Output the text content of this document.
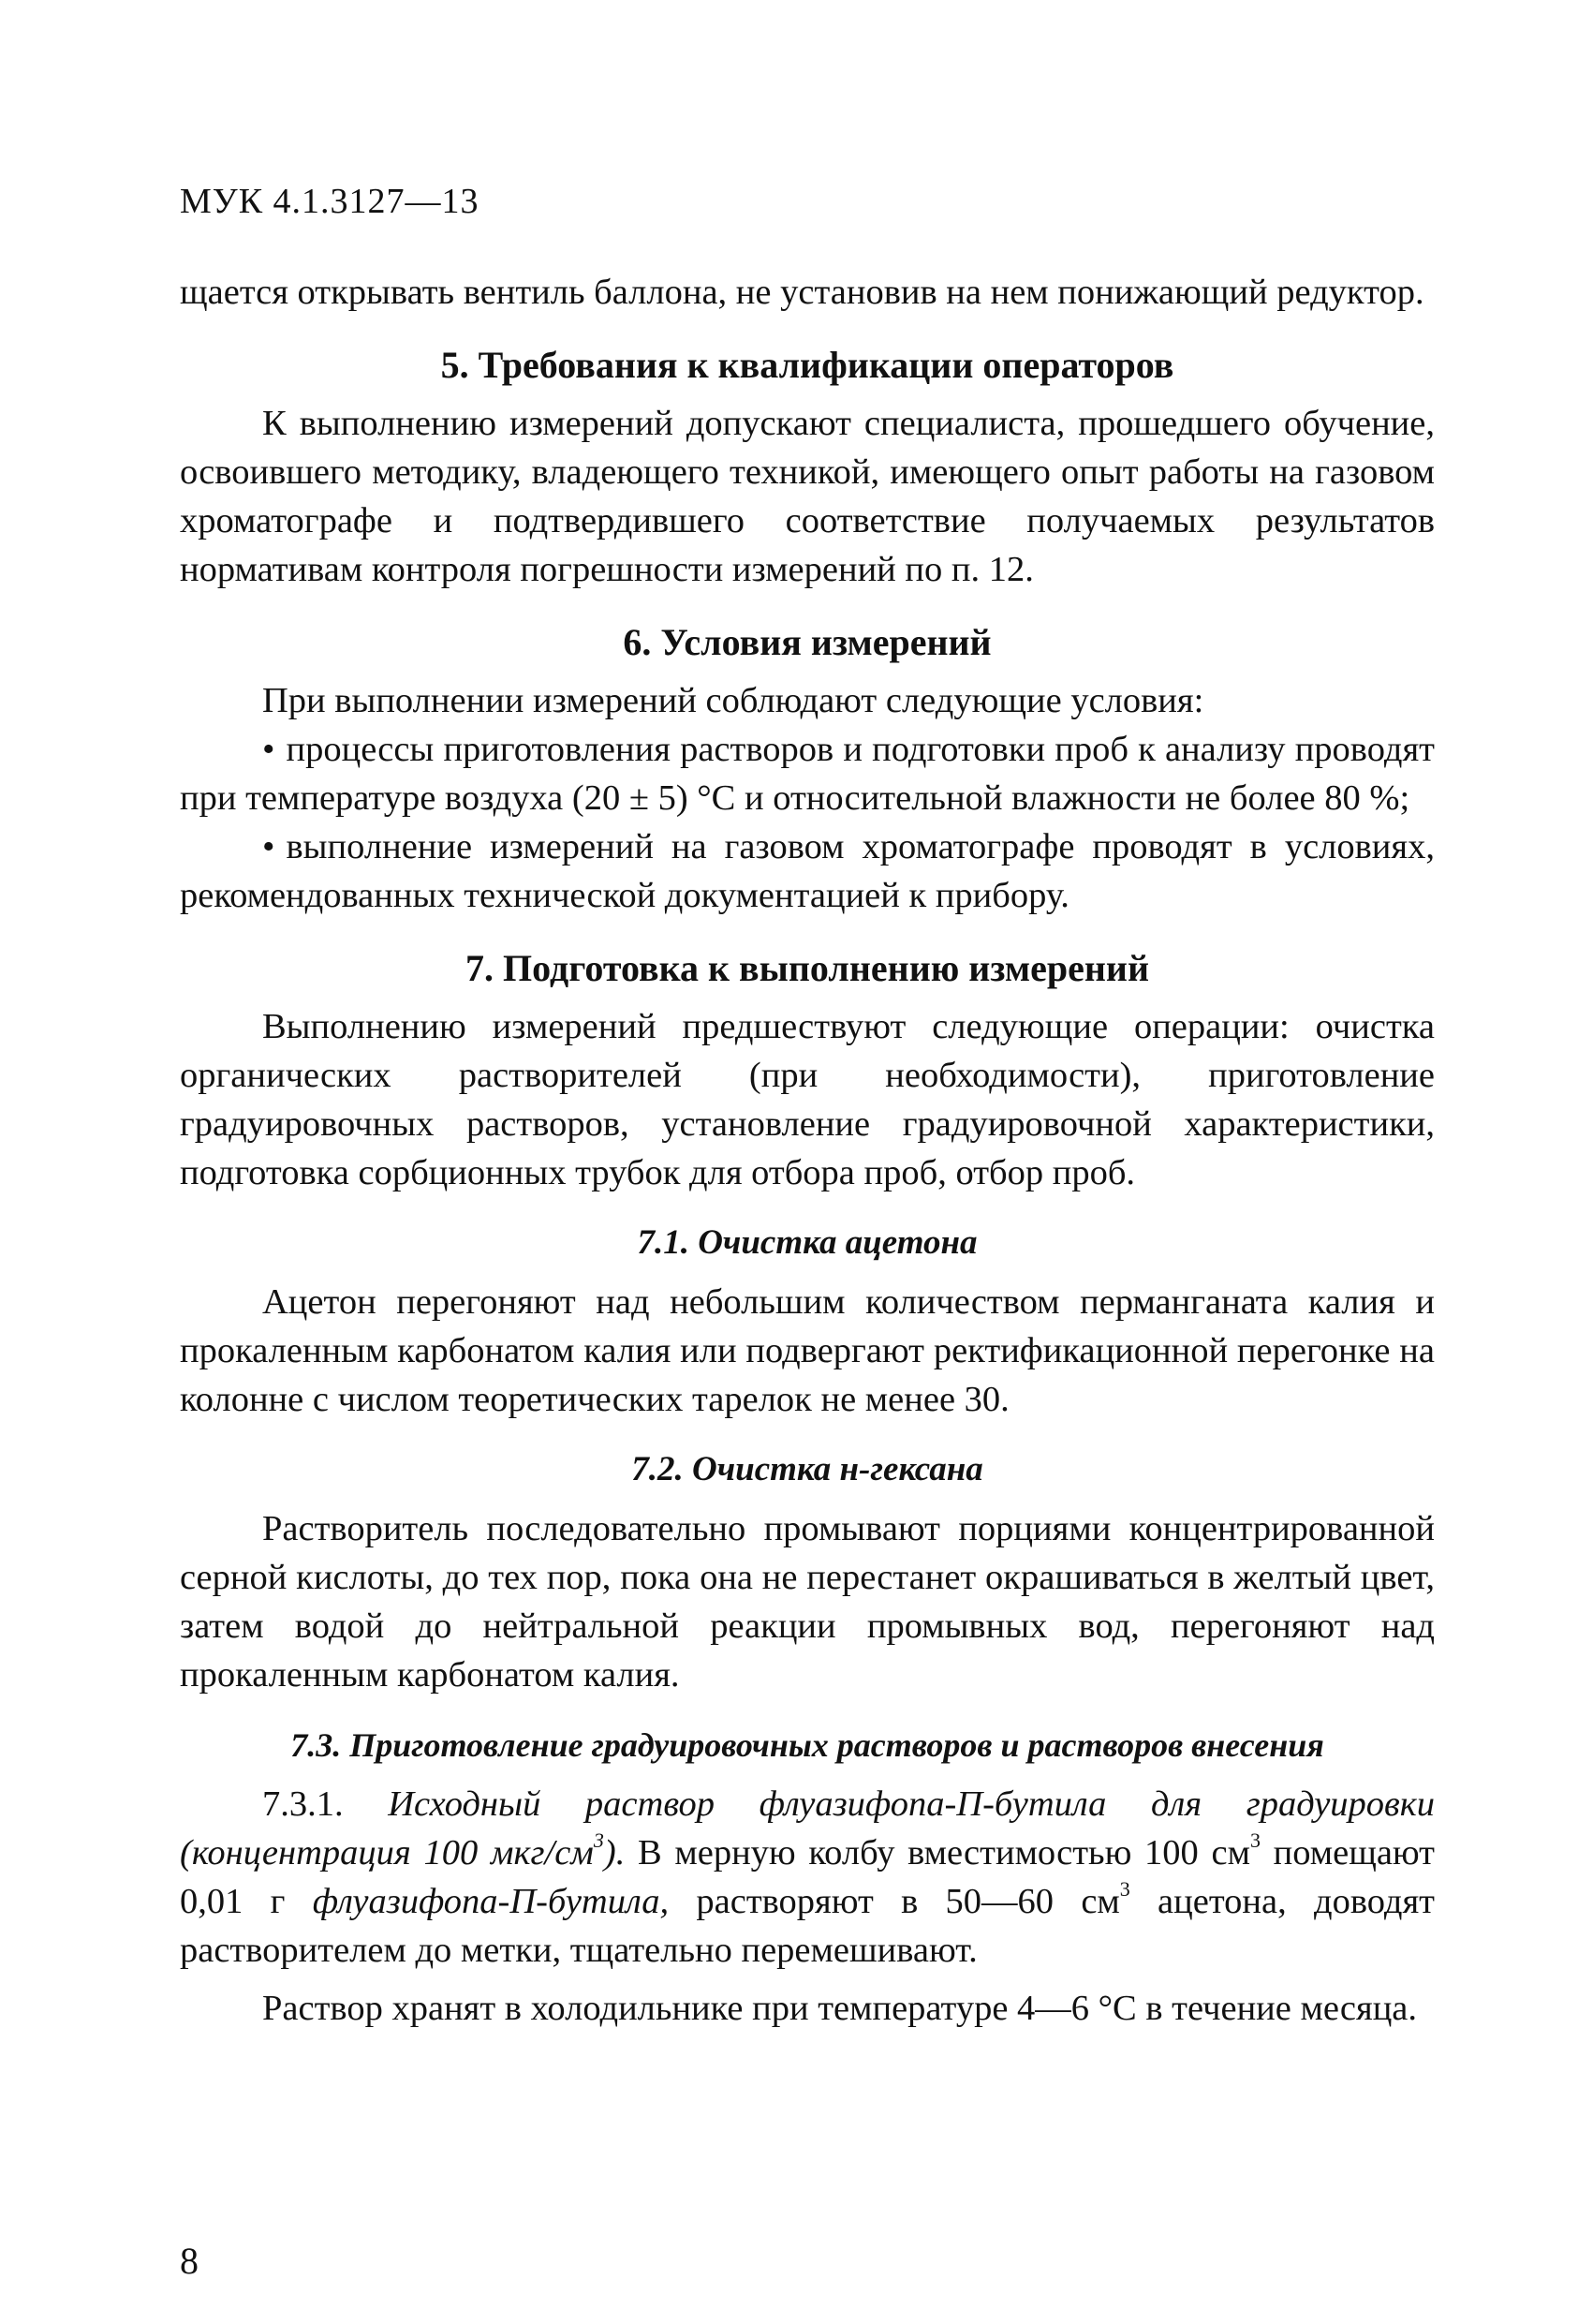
МУК 4.1.3127—13

щается открывать вентиль баллона, не установив на нем понижающий редуктор.

5. Требования к квалификации операторов

К выполнению измерений допускают специалиста, прошедшего обучение, освоившего методику, владеющего техникой, имеющего опыт работы на газовом хроматографе и подтвердившего соответствие получаемых результатов нормативам контроля погрешности измерений по п. 12.

6. Условия измерений

При выполнении измерений соблюдают следующие условия:

• процессы приготовления растворов и подготовки проб к анализу проводят при температуре воздуха (20 ± 5) °С и относительной влажности не более 80 %;

• выполнение измерений на газовом хроматографе проводят в условиях, рекомендованных технической документацией к прибору.

7. Подготовка к выполнению измерений

Выполнению измерений предшествуют следующие операции: очистка органических растворителей (при необходимости), приготовление градуировочных растворов, установление градуировочной характеристики, подготовка сорбционных трубок для отбора проб, отбор проб.

7.1. Очистка ацетона

Ацетон перегоняют над небольшим количеством перманганата калия и прокаленным карбонатом калия или подвергают ректификационной перегонке на колонне с числом теоретических тарелок не менее 30.

7.2. Очистка н-гексана

Растворитель последовательно промывают порциями концентрированной серной кислоты, до тех пор, пока она не перестанет окрашиваться в желтый цвет, затем водой до нейтральной реакции промывных вод, перегоняют над прокаленным карбонатом калия.

7.3. Приготовление градуировочных растворов и растворов внесения

7.3.1. Исходный раствор флуазифопа-П-бутила для градуировки (концентрация 100 мкг/$см^3$). В мерную колбу вместимостью 100 $см^3$ помещают 0,01 г флуазифопа-П-бутила, растворяют в 50—60 $см^3$ ацетона, доводят растворителем до метки, тщательно перемешивают.

Раствор хранят в холодильнике при температуре 4—6 °С в течение месяца.

8
